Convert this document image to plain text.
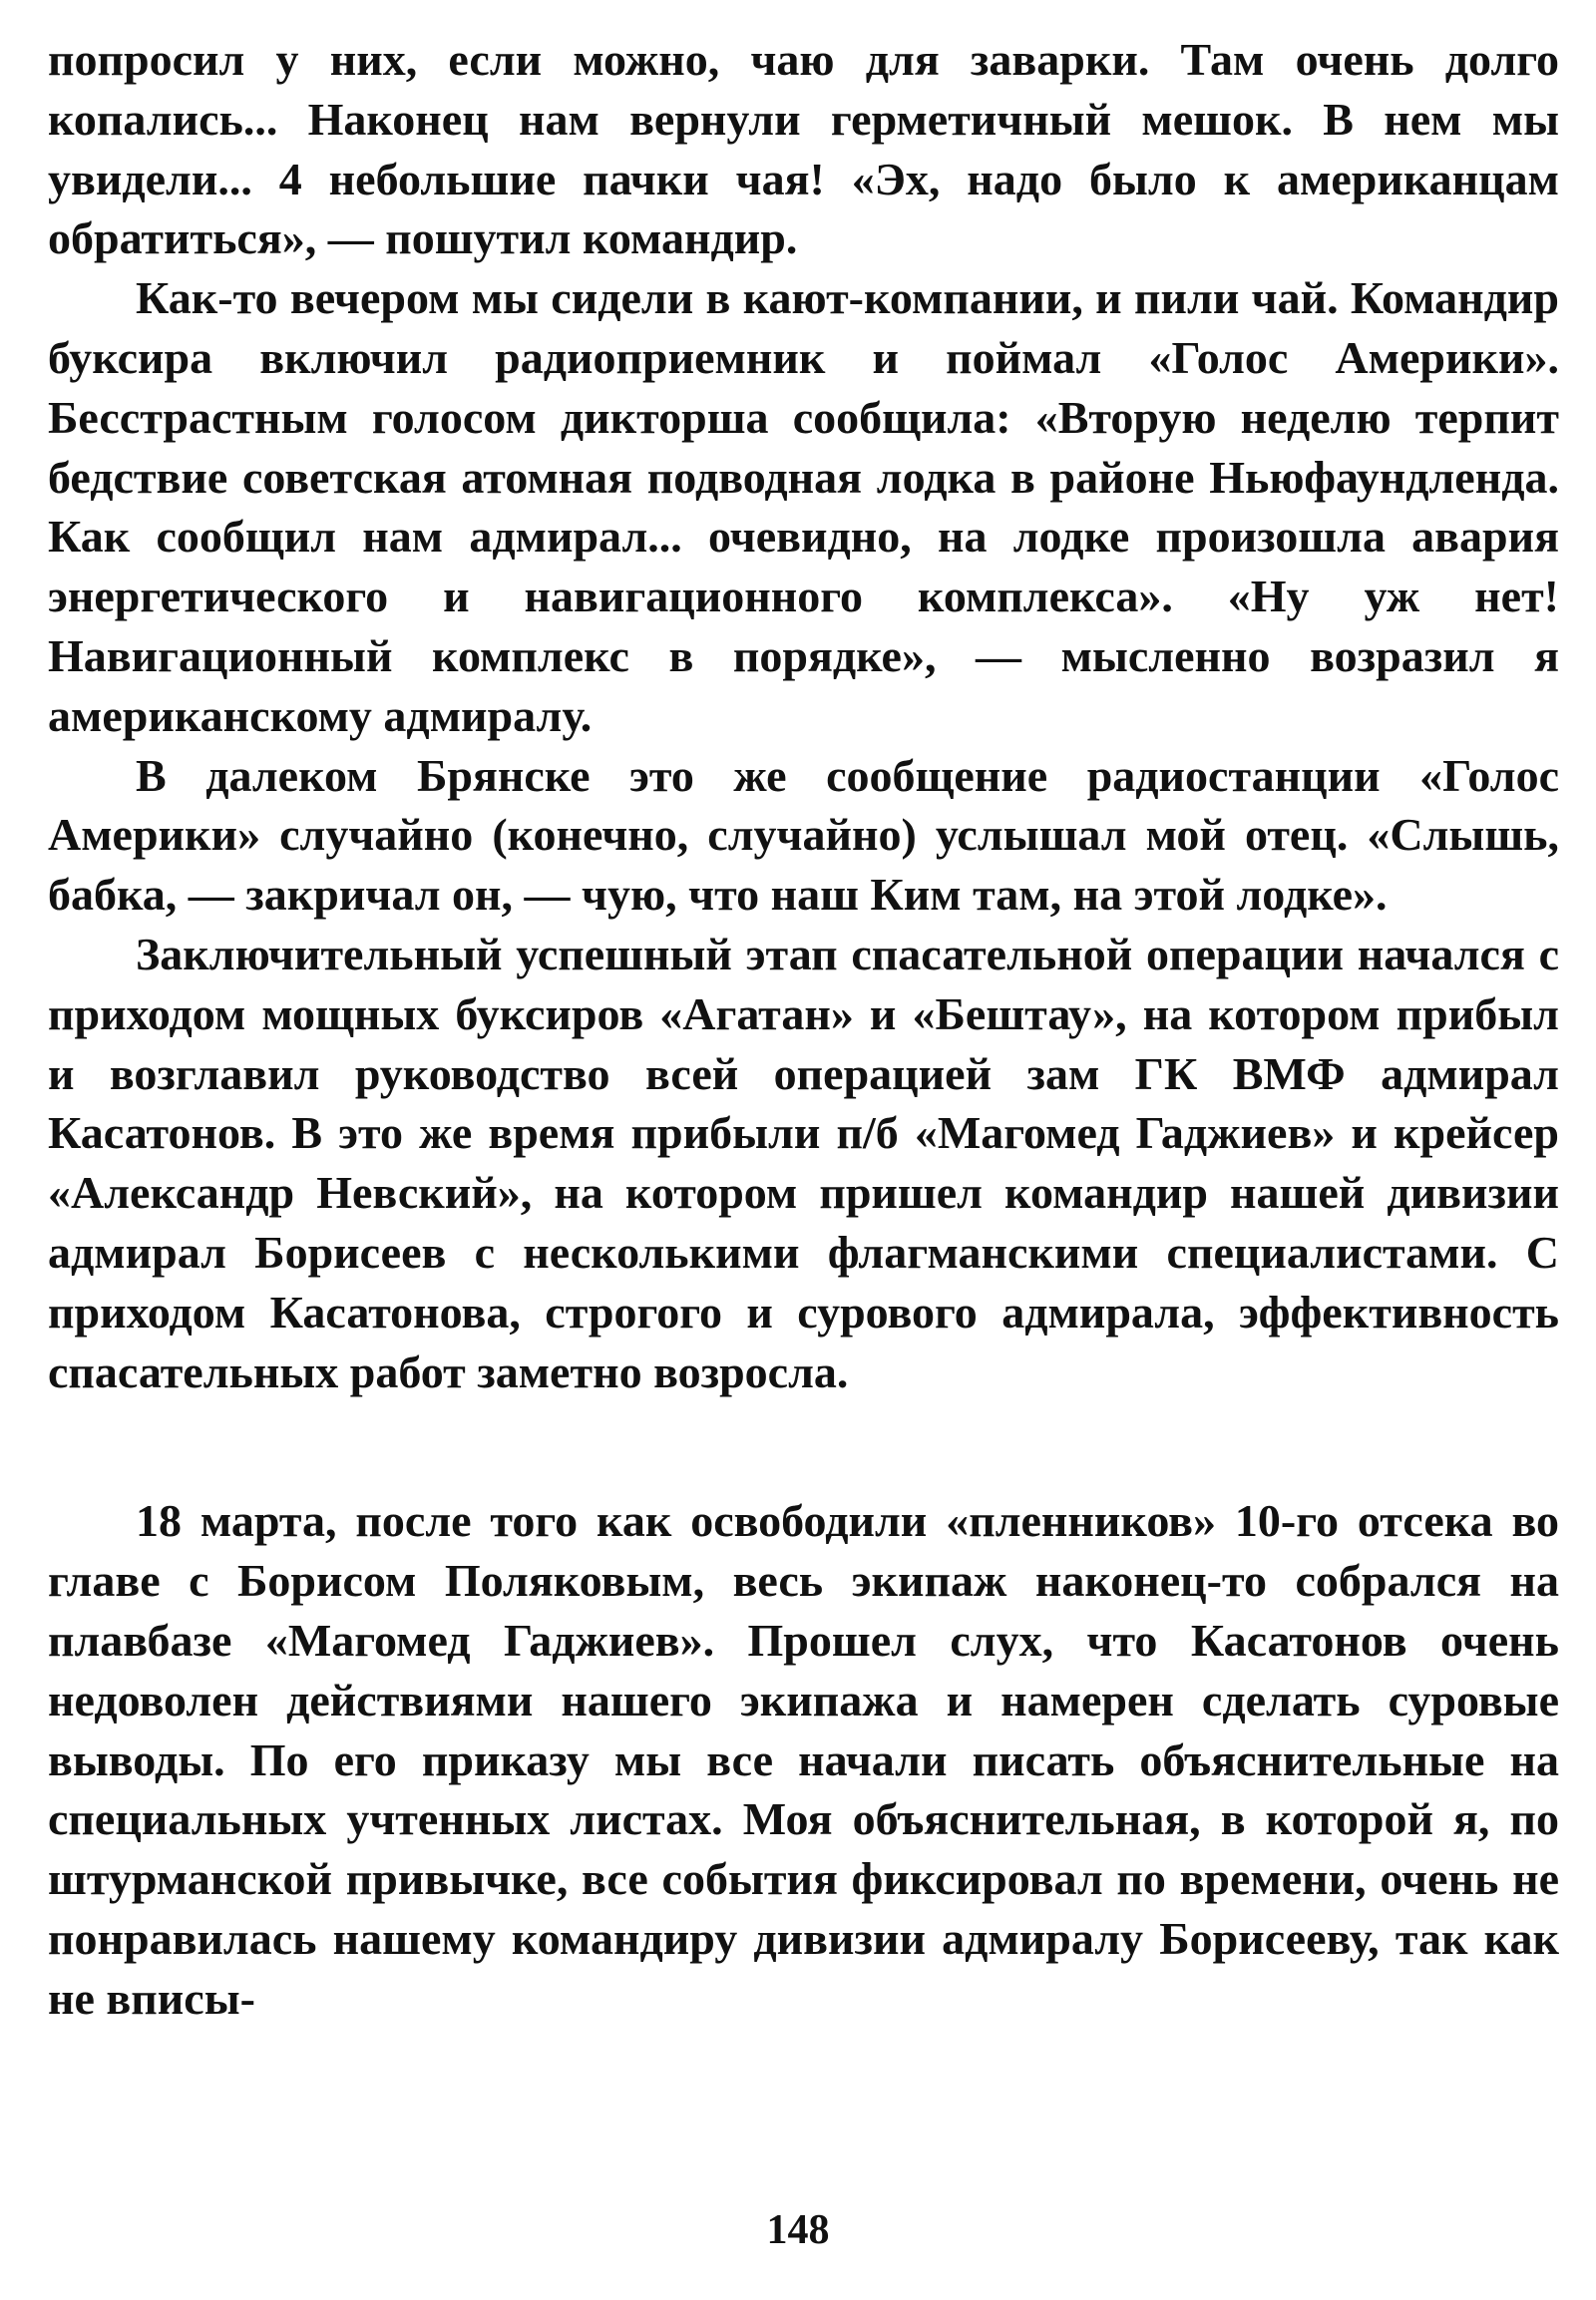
попросил у них, если можно, чаю для заварки. Там очень долго копались... Наконец нам вернули герметичный мешок. В нем мы увидели... 4 небольшие пачки чая! «Эх, надо было к американцам обратиться», — пошутил командир.

Как-то вечером мы сидели в кают-компании, и пили чай. Командир буксира включил радиоприемник и поймал «Голос Америки». Бесстрастным голосом дикторша сообщила: «Вторую неделю терпит бедствие советская атомная подводная лодка в районе Ньюфаундленда. Как сообщил нам адмирал... очевидно, на лодке произошла авария энергетического и навигационного комплекса». «Ну уж нет! Навигационный комплекс в порядке», — мысленно возразил я американскому адмиралу.

В далеком Брянске это же сообщение радиостанции «Голос Америки» случайно (конечно, случайно) услышал мой отец. «Слышь, бабка, — закричал он, — чую, что наш Ким там, на этой лодке».

Заключительный успешный этап спасательной операции начался с приходом мощных буксиров «Агатан» и «Бештау», на котором прибыл и возглавил руководство всей операцией зам ГК ВМФ адмирал Касатонов. В это же время прибыли п/б «Магомед Гаджиев» и крейсер «Александр Невский», на котором пришел командир нашей дивизии адмирал Борисеев с несколькими флагманскими специалистами. С приходом Касатонова, строгого и сурового адмирала, эффективность спасательных работ заметно возросла.

18 марта, после того как освободили «пленников» 10-го отсека во главе с Борисом Поляковым, весь экипаж наконец-то собрался на плавбазе «Магомед Гаджиев». Прошел слух, что Касатонов очень недоволен действиями нашего экипажа и намерен сделать суровые выводы. По его приказу мы все начали писать объяснительные на специальных учтенных листах. Моя объяснительная, в которой я, по штурманской привычке, все события фиксировал по времени, очень не понравилась нашему командиру дивизии адмиралу Борисееву, так как не вписы-

148
